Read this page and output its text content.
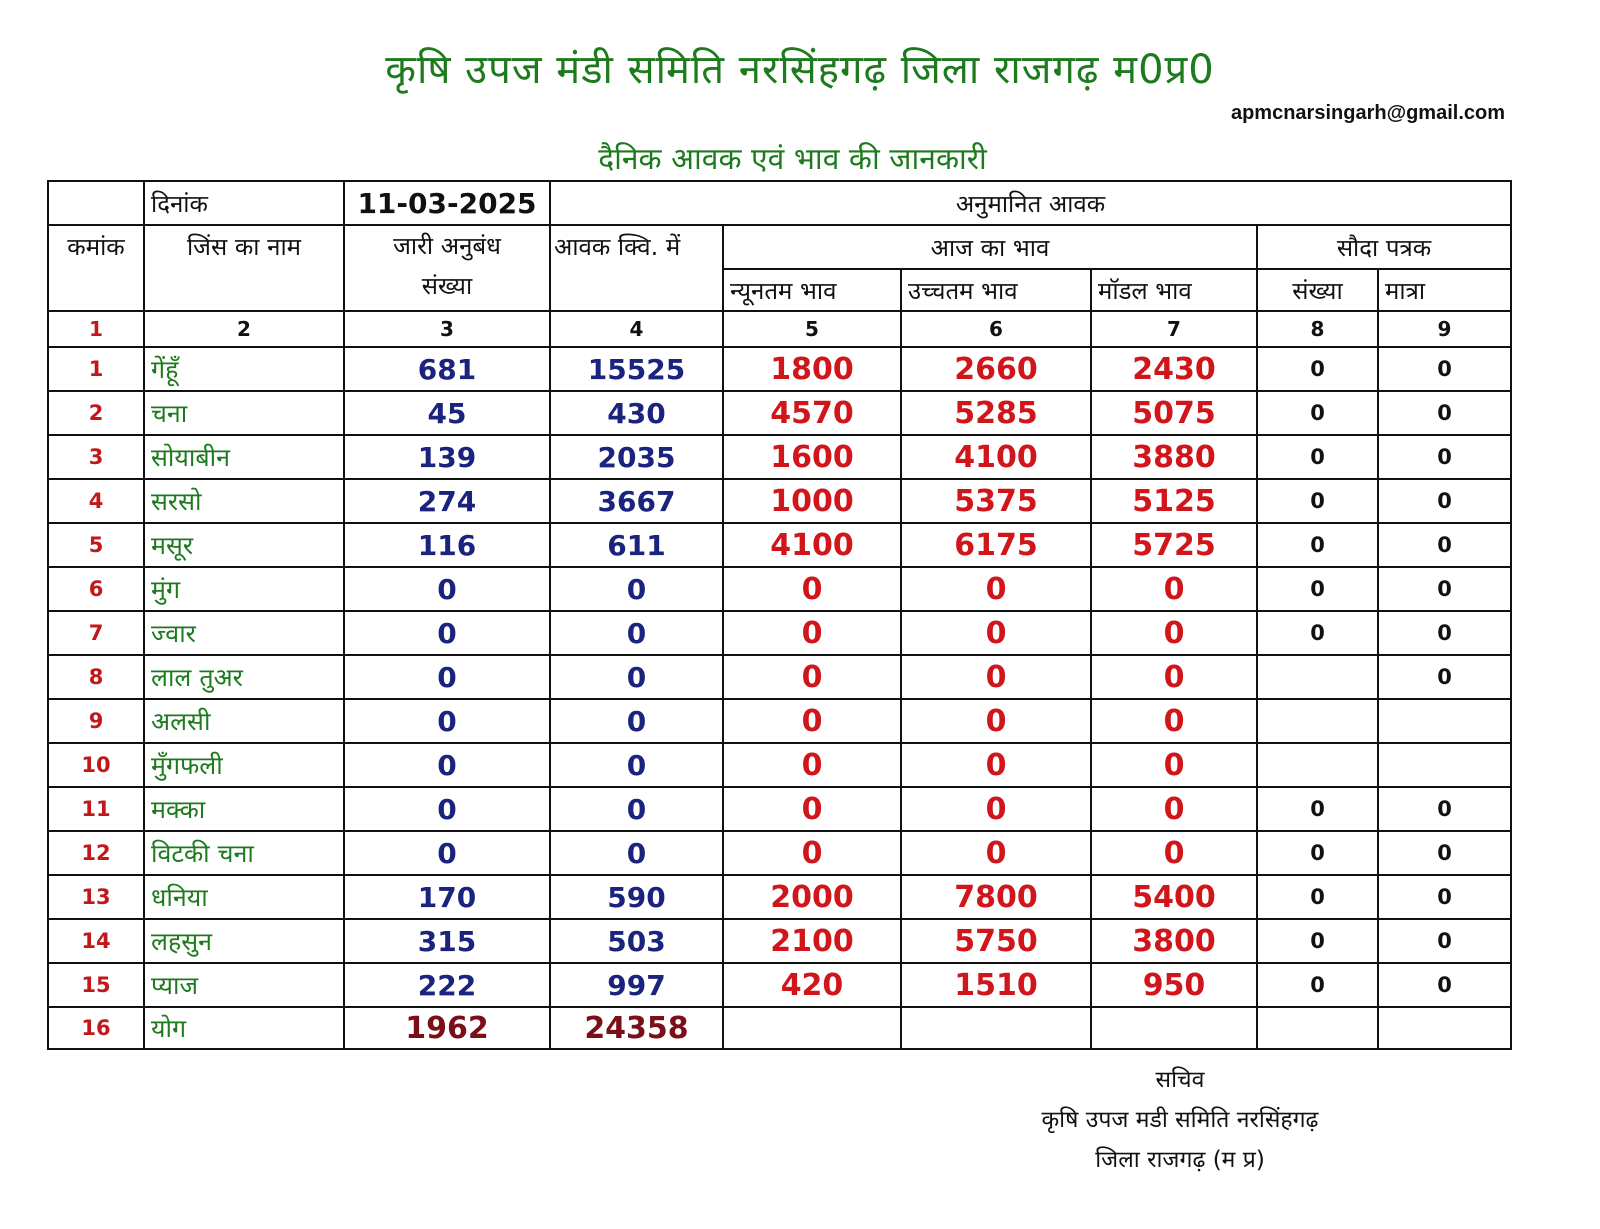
कृषि उपज मंडी समिति नरसिंहगढ़ जिला राजगढ़ म0प्र0
apmcnarsingarh@gmail.com
दैनिक आवक एवं भाव की जानकारी
	दिनांक	11-03-2025	अनुमानित आवक					
कमांक	जिंस का नाम	जारी अनुबंध संख्या	आवक क्वि. में	आज का भाव			सौदा पत्रक	
				न्यूनतम भाव	उच्चतम भाव	मॉडल भाव	संख्या	मात्रा
1	2	3	4	5	6	7	8	9
1	गेंहूँ	681	15525	1800	2660	2430	0	0
2	चना	45	430	4570	5285	5075	0	0
3	सोयाबीन	139	2035	1600	4100	3880	0	0
4	सरसो	274	3667	1000	5375	5125	0	0
5	मसूर	116	611	4100	6175	5725	0	0
6	मुंग	0	0	0	0	0	0	0
7	ज्वार	0	0	0	0	0	0	0
8	लाल तुअर	0	0	0	0	0		0
9	अलसी	0	0	0	0	0		
10	मुँगफली	0	0	0	0	0		
11	मक्का	0	0	0	0	0	0	0
12	विटकी चना	0	0	0	0	0	0	0
13	धनिया	170	590	2000	7800	5400	0	0
14	लहसुन	315	503	2100	5750	3800	0	0
15	प्याज	222	997	420	1510	950	0	0
16	योग	1962	24358					
सचिव
कृषि उपज मडी समिति नरसिंहगढ़
जिला राजगढ़ (म प्र)
